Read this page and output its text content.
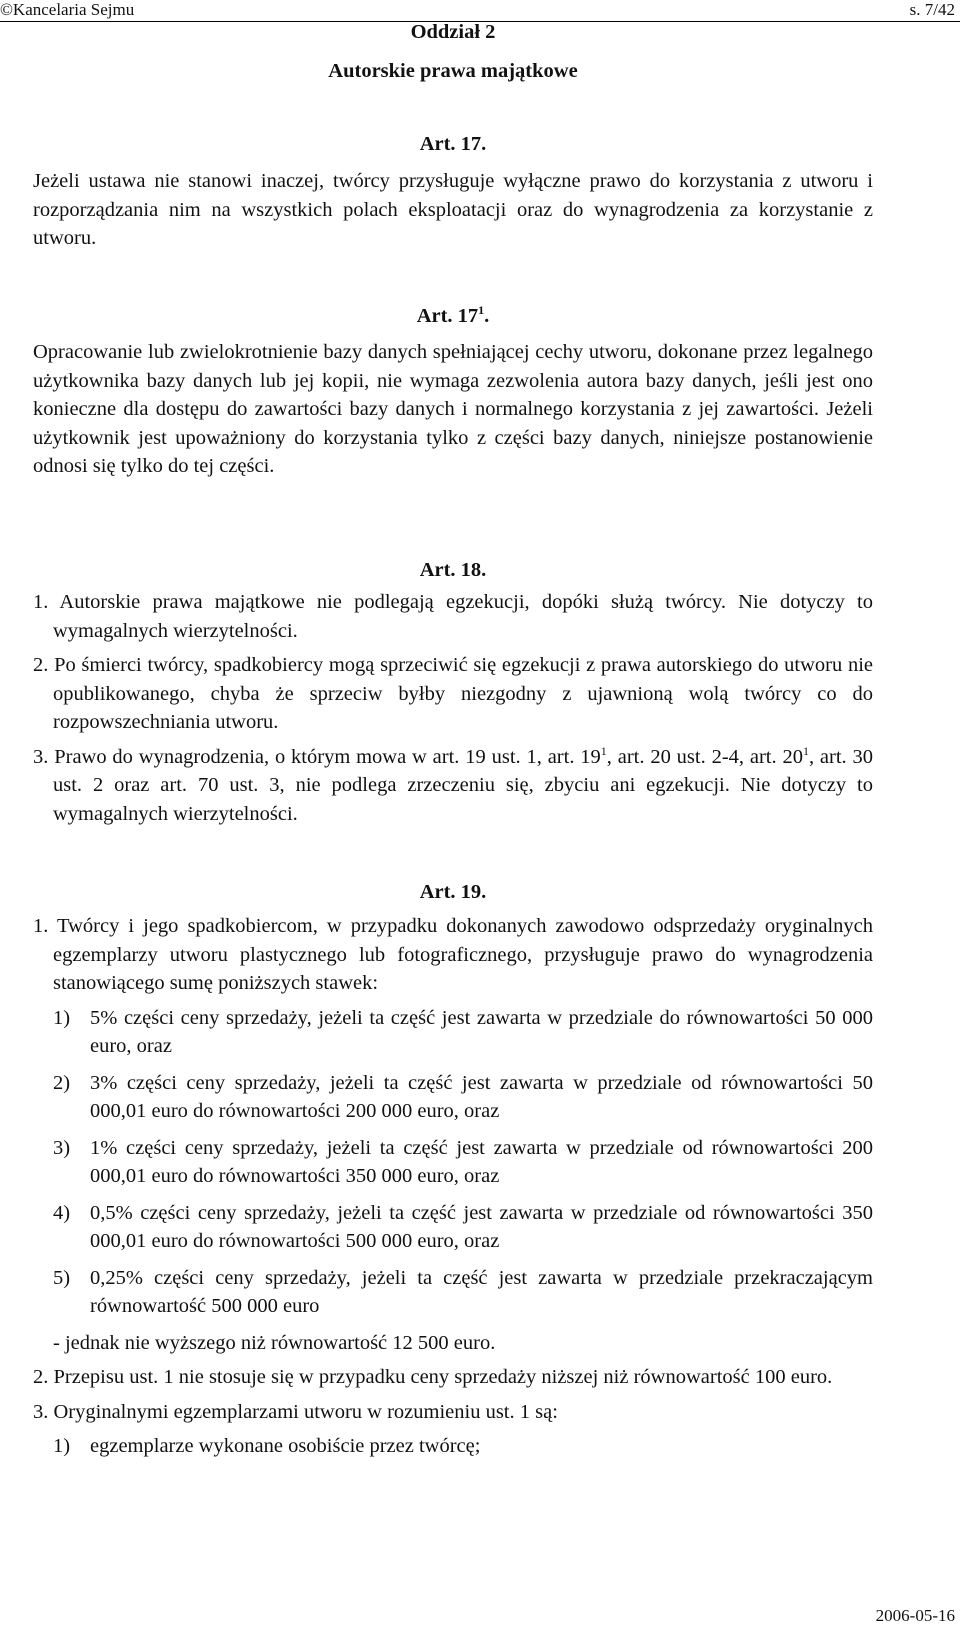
©Kancelaria Sejmu	s. 7/42

Oddział 2

Autorskie prawa majątkowe

Art. 17.

Jeżeli ustawa nie stanowi inaczej, twórcy przysługuje wyłączne prawo do korzystania z utworu i rozporządzania nim na wszystkich polach eksploatacji oraz do wynagrodzenia za korzystanie z utworu.

Art. $17^1$.

Opracowanie lub zwielokrotnienie bazy danych spełniającej cechy utworu, dokonane przez legalnego użytkownika bazy danych lub jej kopii, nie wymaga zezwolenia autora bazy danych, jeśli jest ono konieczne dla dostępu do zawartości bazy danych i normalnego korzystania z jej zawartości. Jeżeli użytkownik jest upoważniony do korzystania tylko z części bazy danych, niniejsze postanowienie odnosi się tylko do tej części.

Art. 18.

1. Autorskie prawa majątkowe nie podlegają egzekucji, dopóki służą twórcy. Nie dotyczy to wymagalnych wierzytelności.

2. Po śmierci twórcy, spadkobiercy mogą sprzeciwić się egzekucji z prawa autorskiego do utworu nie opublikowanego, chyba że sprzeciw byłby niezgodny z ujawnioną wolą twórcy co do rozpowszechniania utworu.

3. Prawo do wynagrodzenia, o którym mowa w art. 19 ust. 1, art. $19^1$, art. 20 ust. 2-4, art. $20^1$, art. 30 ust. 2 oraz art. 70 ust. 3, nie podlega zrzeczeniu się, zbyciu ani egzekucji. Nie dotyczy to wymagalnych wierzytelności.

Art. 19.

1. Twórcy i jego spadkobiercom, w przypadku dokonanych zawodowo odsprzedaży oryginalnych egzemplarzy utworu plastycznego lub fotograficznego, przysługuje prawo do wynagrodzenia stanowiącego sumę poniższych stawek:

1) 5% części ceny sprzedaży, jeżeli ta część jest zawarta w przedziale do równowartości 50 000 euro, oraz
2) 3% części ceny sprzedaży, jeżeli ta część jest zawarta w przedziale od równowartości 50 000,01 euro do równowartości 200 000 euro, oraz
3) 1% części ceny sprzedaży, jeżeli ta część jest zawarta w przedziale od równowartości 200 000,01 euro do równowartości 350 000 euro, oraz
4) 0,5% części ceny sprzedaży, jeżeli ta część jest zawarta w przedziale od równowartości 350 000,01 euro do równowartości 500 000 euro, oraz
5) 0,25% części ceny sprzedaży, jeżeli ta część jest zawarta w przedziale przekraczającym równowartość 500 000 euro

- jednak nie wyższego niż równowartość 12 500 euro.

2. Przepisu ust. 1 nie stosuje się w przypadku ceny sprzedaży niższej niż równowartość 100 euro.

3. Oryginalnymi egzemplarzami utworu w rozumieniu ust. 1 są:

1) egzemplarze wykonane osobiście przez twórcę;
2006-05-16
